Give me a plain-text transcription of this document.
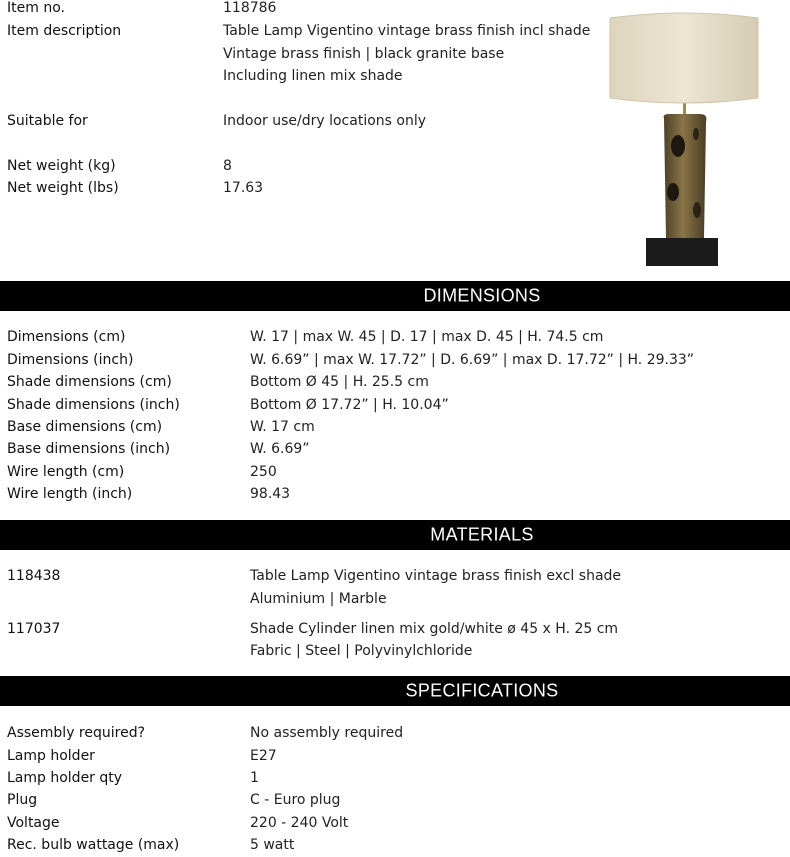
Item no.	118786
Item description	Table Lamp Vigentino vintage brass finish incl shade
Vintage brass finish | black granite base
Including linen mix shade
Suitable for	Indoor use/dry locations only
Net weight (kg)	8
Net weight (lbs)	17.63
DIMENSIONS
Dimensions (cm)	W. 17 | max W. 45 | D. 17 | max D. 45 | H. 74.5 cm
Dimensions (inch)	W. 6.69” | max W. 17.72” | D. 6.69” | max D. 17.72” | H. 29.33”
Shade dimensions (cm)	Bottom Ø 45 | H. 25.5 cm
Shade dimensions (inch)	Bottom Ø 17.72” | H. 10.04”
Base dimensions (cm)	W. 17 cm
Base dimensions (inch)	W. 6.69”
Wire length (cm)	250
Wire length (inch)	98.43
MATERIALS
118438	Table Lamp Vigentino vintage brass finish excl shade
Aluminium | Marble
117037	Shade Cylinder linen mix gold/white ø 45 x H. 25 cm
Fabric | Steel | Polyvinylchloride
SPECIFICATIONS
Assembly required?	No assembly required
Lamp holder	E27
Lamp holder qty	1
Plug	C - Euro plug
Voltage	220 - 240 Volt
Rec. bulb wattage (max)	5 watt
